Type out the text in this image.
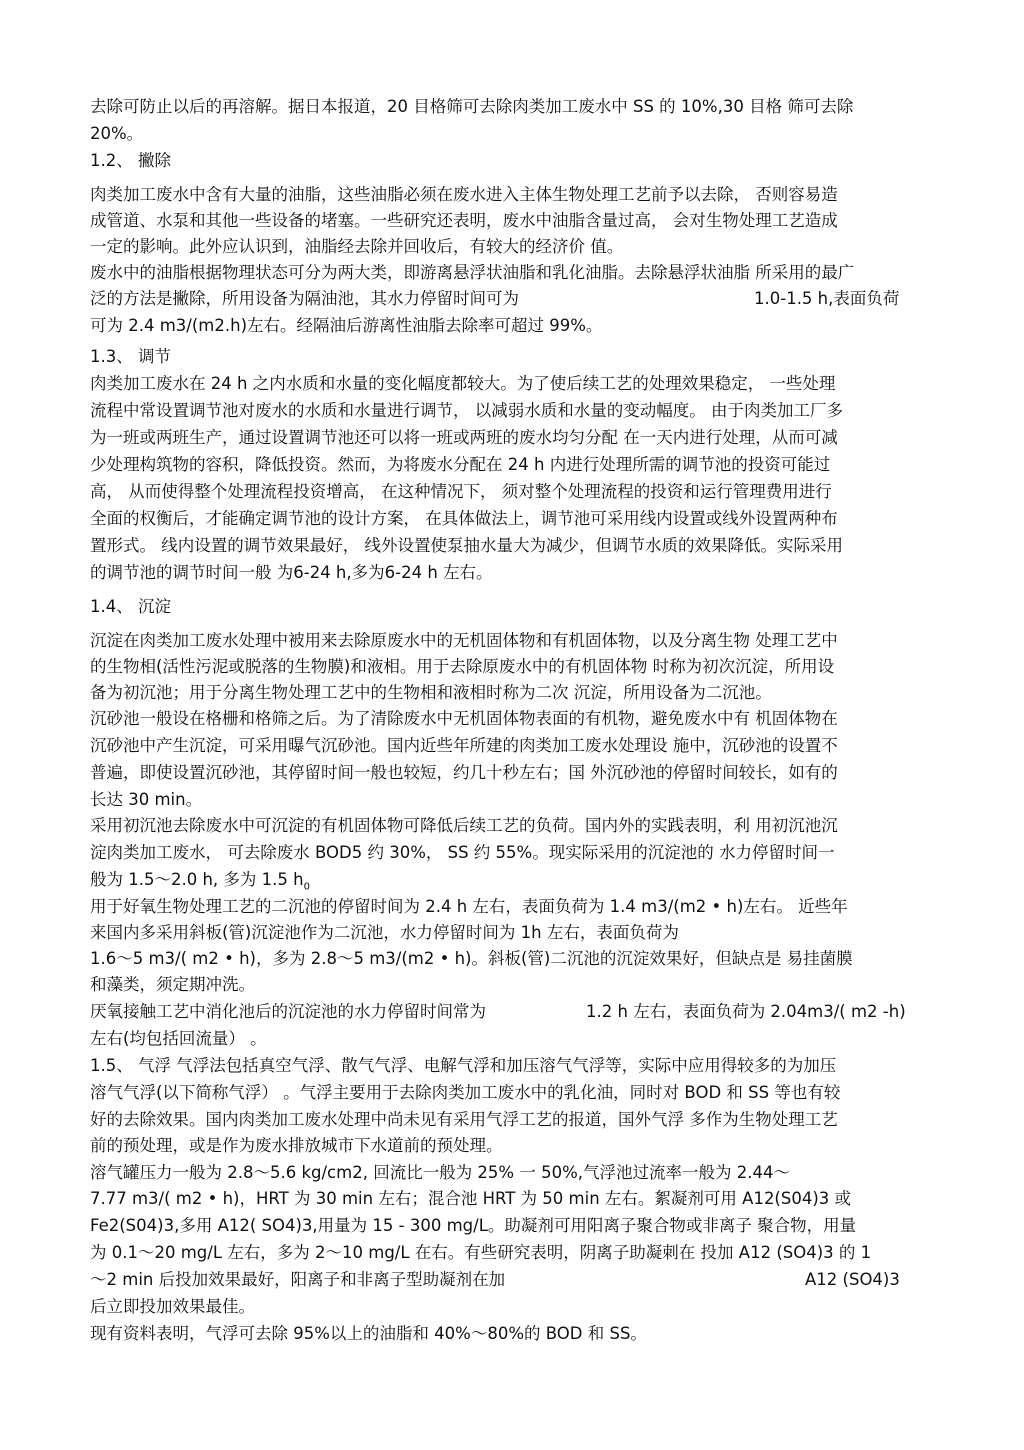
去除可防止以后的再溶解。据日本报道，20 目格筛可去除肉类加工废水中 SS 的 10%,30 目格 筛可去除
20%。
1.2、 撇除
肉类加工废水中含有大量的油脂，这些油脂必须在废水进入主体生物处理工艺前予以去除， 否则容易造
成管道、水泵和其他一些设备的堵塞。一些研究还表明，废水中油脂含量过高， 会对生物处理工艺造成
一定的影响。此外应认识到，油脂经去除并回收后，有较大的经济价 值。
废水中的油脂根据物理状态可分为两大类，即游离悬浮状油脂和乳化油脂。去除悬浮状油脂 所采用的最广
泛的方法是撇除，所用设备为隔油池，其水力停留时间可为	1.0-1.5 h,表面负荷
可为 2.4 m3/(m2.h)左右。经隔油后游离性油脂去除率可超过 99%。
1.3、 调节
肉类加工废水在 24 h 之内水质和水量的变化幅度都较大。为了使后续工艺的处理效果稳定， 一些处理
流程中常设置调节池对废水的水质和水量进行调节， 以减弱水质和水量的变动幅度。 由于肉类加工厂多
为一班或两班生产，通过设置调节池还可以将一班或两班的废水均匀分配 在一天内进行处理，从而可减
少处理构筑物的容积，降低投资。然而，为将废水分配在 24 h 内进行处理所需的调节池的投资可能过
高， 从而使得整个处理流程投资增高， 在这种情况下， 须对整个处理流程的投资和运行管理费用进行
全面的权衡后，才能确定调节池的设计方案， 在具体做法上，调节池可采用线内设置或线外设置两种布
置形式。 线内设置的调节效果最好， 线外设置使泵抽水量大为减少，但调节水质的效果降低。实际采用
的调节池的调节时间一般 为6-24 h,多为6-24 h 左右。
1.4、 沉淀
沉淀在肉类加工废水处理中被用来去除原废水中的无机固体物和有机固体物，以及分离生物 处理工艺中
的生物相(活性污泥或脱落的生物膜)和液相。用于去除原废水中的有机固体物 时称为初次沉淀，所用设
备为初沉池；用于分离生物处理工艺中的生物相和液相时称为二次 沉淀，所用设备为二沉池。
沉砂池一般设在格栅和格筛之后。为了清除废水中无机固体物表面的有机物，避免废水中有 机固体物在
沉砂池中产生沉淀，可采用曝气沉砂池。国内近些年所建的肉类加工废水处理设 施中，沉砂池的设置不
普遍，即使设置沉砂池，其停留时间一般也较短，约几十秒左右；国 外沉砂池的停留时间较长，如有的
长达 30 min。
采用初沉池去除废水中可沉淀的有机固体物可降低后续工艺的负荷。国内外的实践表明，利 用初沉池沉
淀肉类加工废水， 可去除废水 BOD5 约 30%， SS 约 55%。现实际采用的沉淀池的 水力停留时间一
般为 1.5～2.0 h, 多为 1.5 $h_0$
用于好氧生物处理工艺的二沉池的停留时间为 2.4 h 左右，表面负荷为 1.4 m3/(m2 • h)左右。 近些年
来国内多采用斜板(管)沉淀池作为二沉池，水力停留时间为 1h 左右，表面负荷为
1.6～5 m3/( m2 • h)，多为 2.8～5 m3/(m2 • h)。斜板(管)二沉池的沉淀效果好，但缺点是 易挂菌膜
和藻类，须定期冲洗。
厌氧接触工艺中消化池后的沉淀池的水力停留时间常为	1.2 h 左右，表面负荷为 2.04m3/( m2 -h)
左右(均包括回流量） 。
1.5、 气浮 气浮法包括真空气浮、散气气浮、电解气浮和加压溶气气浮等，实际中应用得较多的为加压
溶气气浮(以下简称气浮） 。气浮主要用于去除肉类加工废水中的乳化油，同时对 BOD 和 SS 等也有较
好的去除效果。国内肉类加工废水处理中尚未见有采用气浮工艺的报道，国外气浮 多作为生物处理工艺
前的预处理，或是作为废水排放城市下水道前的预处理。
溶气罐压力一般为 2.8～5.6 kg/cm2, 回流比一般为 25% 一 50%,气浮池过流率一般为 2.44～
7.77 m3/( m2 • h)，HRT 为 30 min 左右；混合池 HRT 为 50 min 左右。絮凝剂可用 A12(S04)3 或
Fe2(S04)3,多用 A12( SO4)3,用量为 15 - 300 mg/L。助凝剂可用阳离子聚合物或非离子 聚合物，用量
为 0.1～20 mg/L 左右，多为 2～10 mg/L 在右。有些研究表明，阴离子助凝刺在 投加 A12 (SO4)3 的 1
～2 min 后投加效果最好，阳离子和非离子型助凝剂在加	A12 (SO4)3
后立即投加效果最佳。
现有资料表明，气浮可去除 95%以上的油脂和 40%～80%的 BOD 和 SS。
